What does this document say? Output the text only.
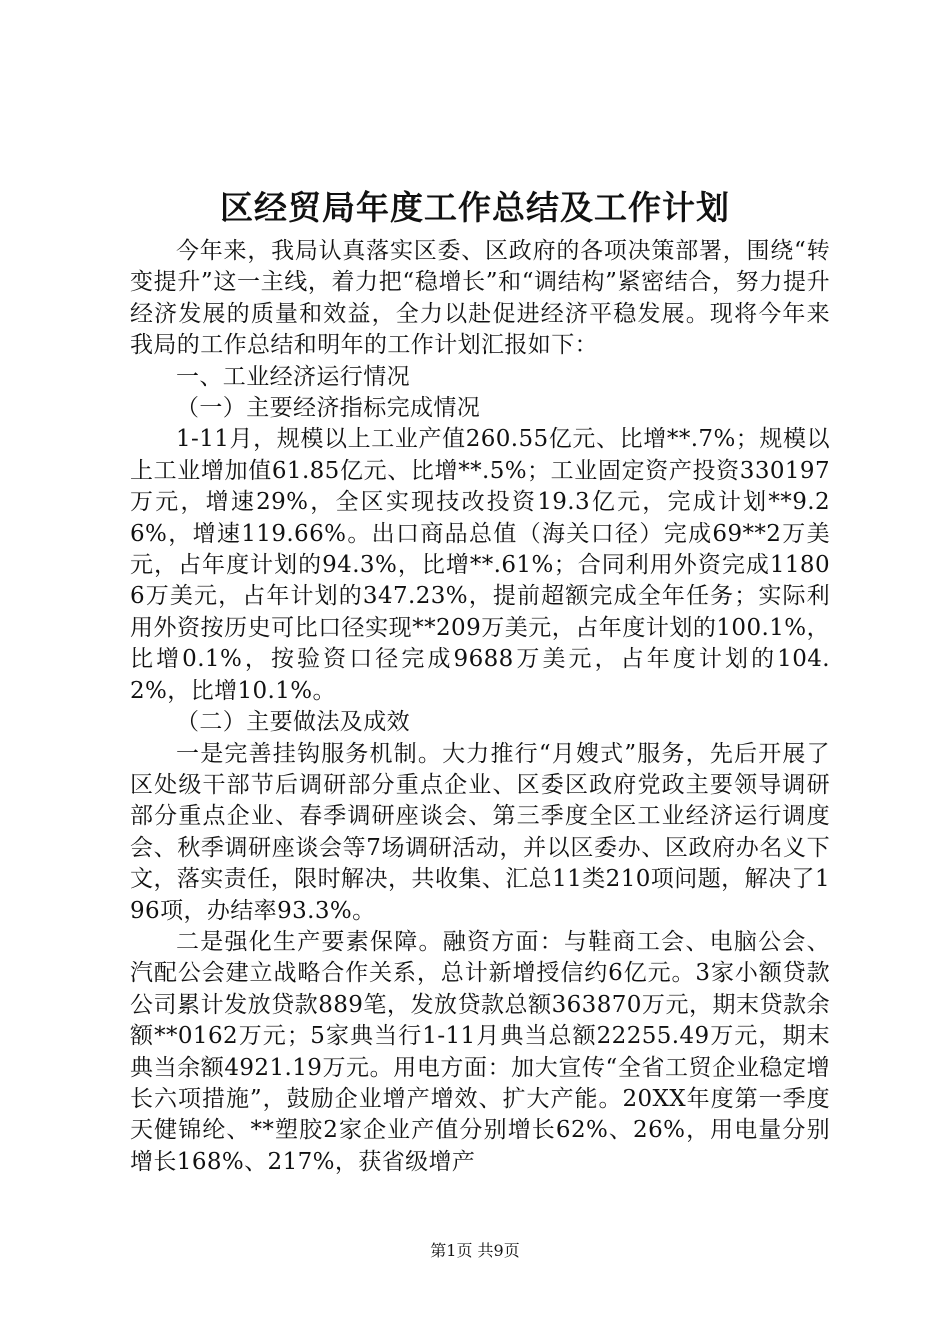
区经贸局年度工作总结及工作计划

今年来，我局认真落实区委、区政府的各项决策部署，围绕“转变提升”这一主线，着力把“稳增长”和“调结构”紧密结合，努力提升经济发展的质量和效益，全力以赴促进经济平稳发展。现将今年来我局的工作总结和明年的工作计划汇报如下：

一、工业经济运行情况

（一）主要经济指标完成情况

1-11月，规模以上工业产值260.55亿元、比增**.7%；规模以上工业增加值61.85亿元、比增**.5%；工业固定资产投资330197万元，增速29%，全区实现技改投资19.3亿元，完成计划**9.26%，增速119.66%。出口商品总值（海关口径）完成69**2万美元，占年度计划的94.3%，比增**.61%；合同利用外资完成11806万美元，占年计划的347.23%，提前超额完成全年任务；实际利用外资按历史可比口径实现**209万美元，占年度计划的100.1%，比增0.1%，按验资口径完成9688万美元，占年度计划的104.2%，比增10.1%。

（二）主要做法及成效

一是完善挂钩服务机制。大力推行“月嫂式”服务，先后开展了区处级干部节后调研部分重点企业、区委区政府党政主要领导调研部分重点企业、春季调研座谈会、第三季度全区工业经济运行调度会、秋季调研座谈会等7场调研活动，并以区委办、区政府办名义下文，落实责任，限时解决，共收集、汇总11类210项问题，解决了196项，办结率93.3%。

二是强化生产要素保障。融资方面：与鞋商工会、电脑公会、汽配公会建立战略合作关系，总计新增授信约6亿元。3家小额贷款公司累计发放贷款889笔，发放贷款总额363870万元，期末贷款余额**0162万元；5家典当行1-11月典当总额22255.49万元，期末典当余额4921.19万元。用电方面：加大宣传“全省工贸企业稳定增长六项措施”，鼓励企业增产增效、扩大产能。20XX年度第一季度天健锦纶、**塑胶2家企业产值分别增长62%、26%，用电量分别增长168%、217%，获省级增产

第1页 共9页
